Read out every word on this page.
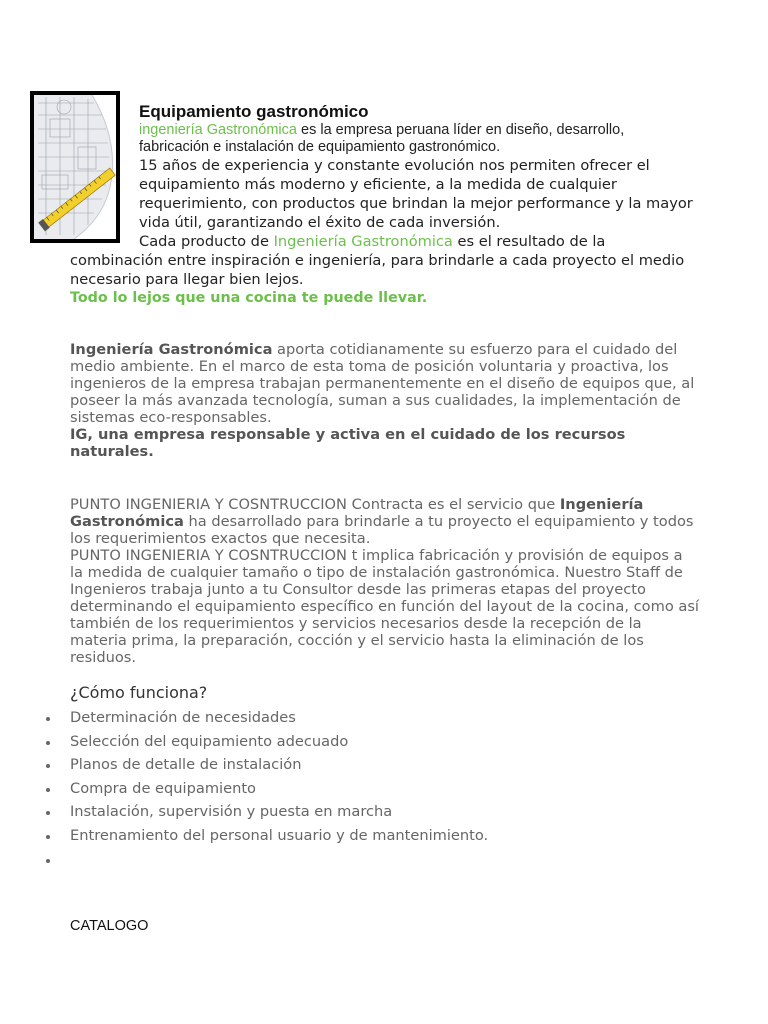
Equipamiento gastronómico

ingeniería Gastronómica es la empresa peruana líder en diseño, desarrollo, fabricación e instalación de equipamiento gastronómico.

15 años de experiencia y constante evolución nos permiten ofrecer el equipamiento más moderno y eficiente, a la medida de cualquier requerimiento, con productos que brindan la mejor performance y la mayor vida útil, garantizando el éxito de cada inversión.

Cada producto de Ingeniería Gastronómica es el resultado de la combinación entre inspiración e ingeniería, para brindarle a cada proyecto el medio necesario para llegar bien lejos.

Todo lo lejos que una cocina te puede llevar.

Ingeniería Gastronómica aporta cotidianamente su esfuerzo para el cuidado del medio ambiente. En el marco de esta toma de posición voluntaria y proactiva, los ingenieros de la empresa trabajan permanentemente en el diseño de equipos que, al poseer la más avanzada tecnología, suman a sus cualidades, la implementación de sistemas eco-responsables.

IG, una empresa responsable y activa en el cuidado de los recursos naturales.

PUNTO INGENIERIA Y COSNTRUCCION Contracta es el servicio que Ingeniería Gastronómica ha desarrollado para brindarle a tu proyecto el equipamiento y todos los requerimientos exactos que necesita.

PUNTO INGENIERIA Y COSNTRUCCION t implica fabricación y provisión de equipos a la medida de cualquier tamaño o tipo de instalación gastronómica. Nuestro Staff de Ingenieros trabaja junto a tu Consultor desde las primeras etapas del proyecto determinando el equipamiento específico en función del layout de la cocina, como así también de los requerimientos y servicios necesarios desde la recepción de la materia prima, la preparación, cocción y el servicio hasta la eliminación de los residuos.

¿Cómo funciona?
Determinación de necesidades
Selección del equipamiento adecuado
Planos de detalle de instalación
Compra de equipamiento
Instalación, supervisión y puesta en marcha
Entrenamiento del personal usuario y de mantenimiento.

CATALOGO
